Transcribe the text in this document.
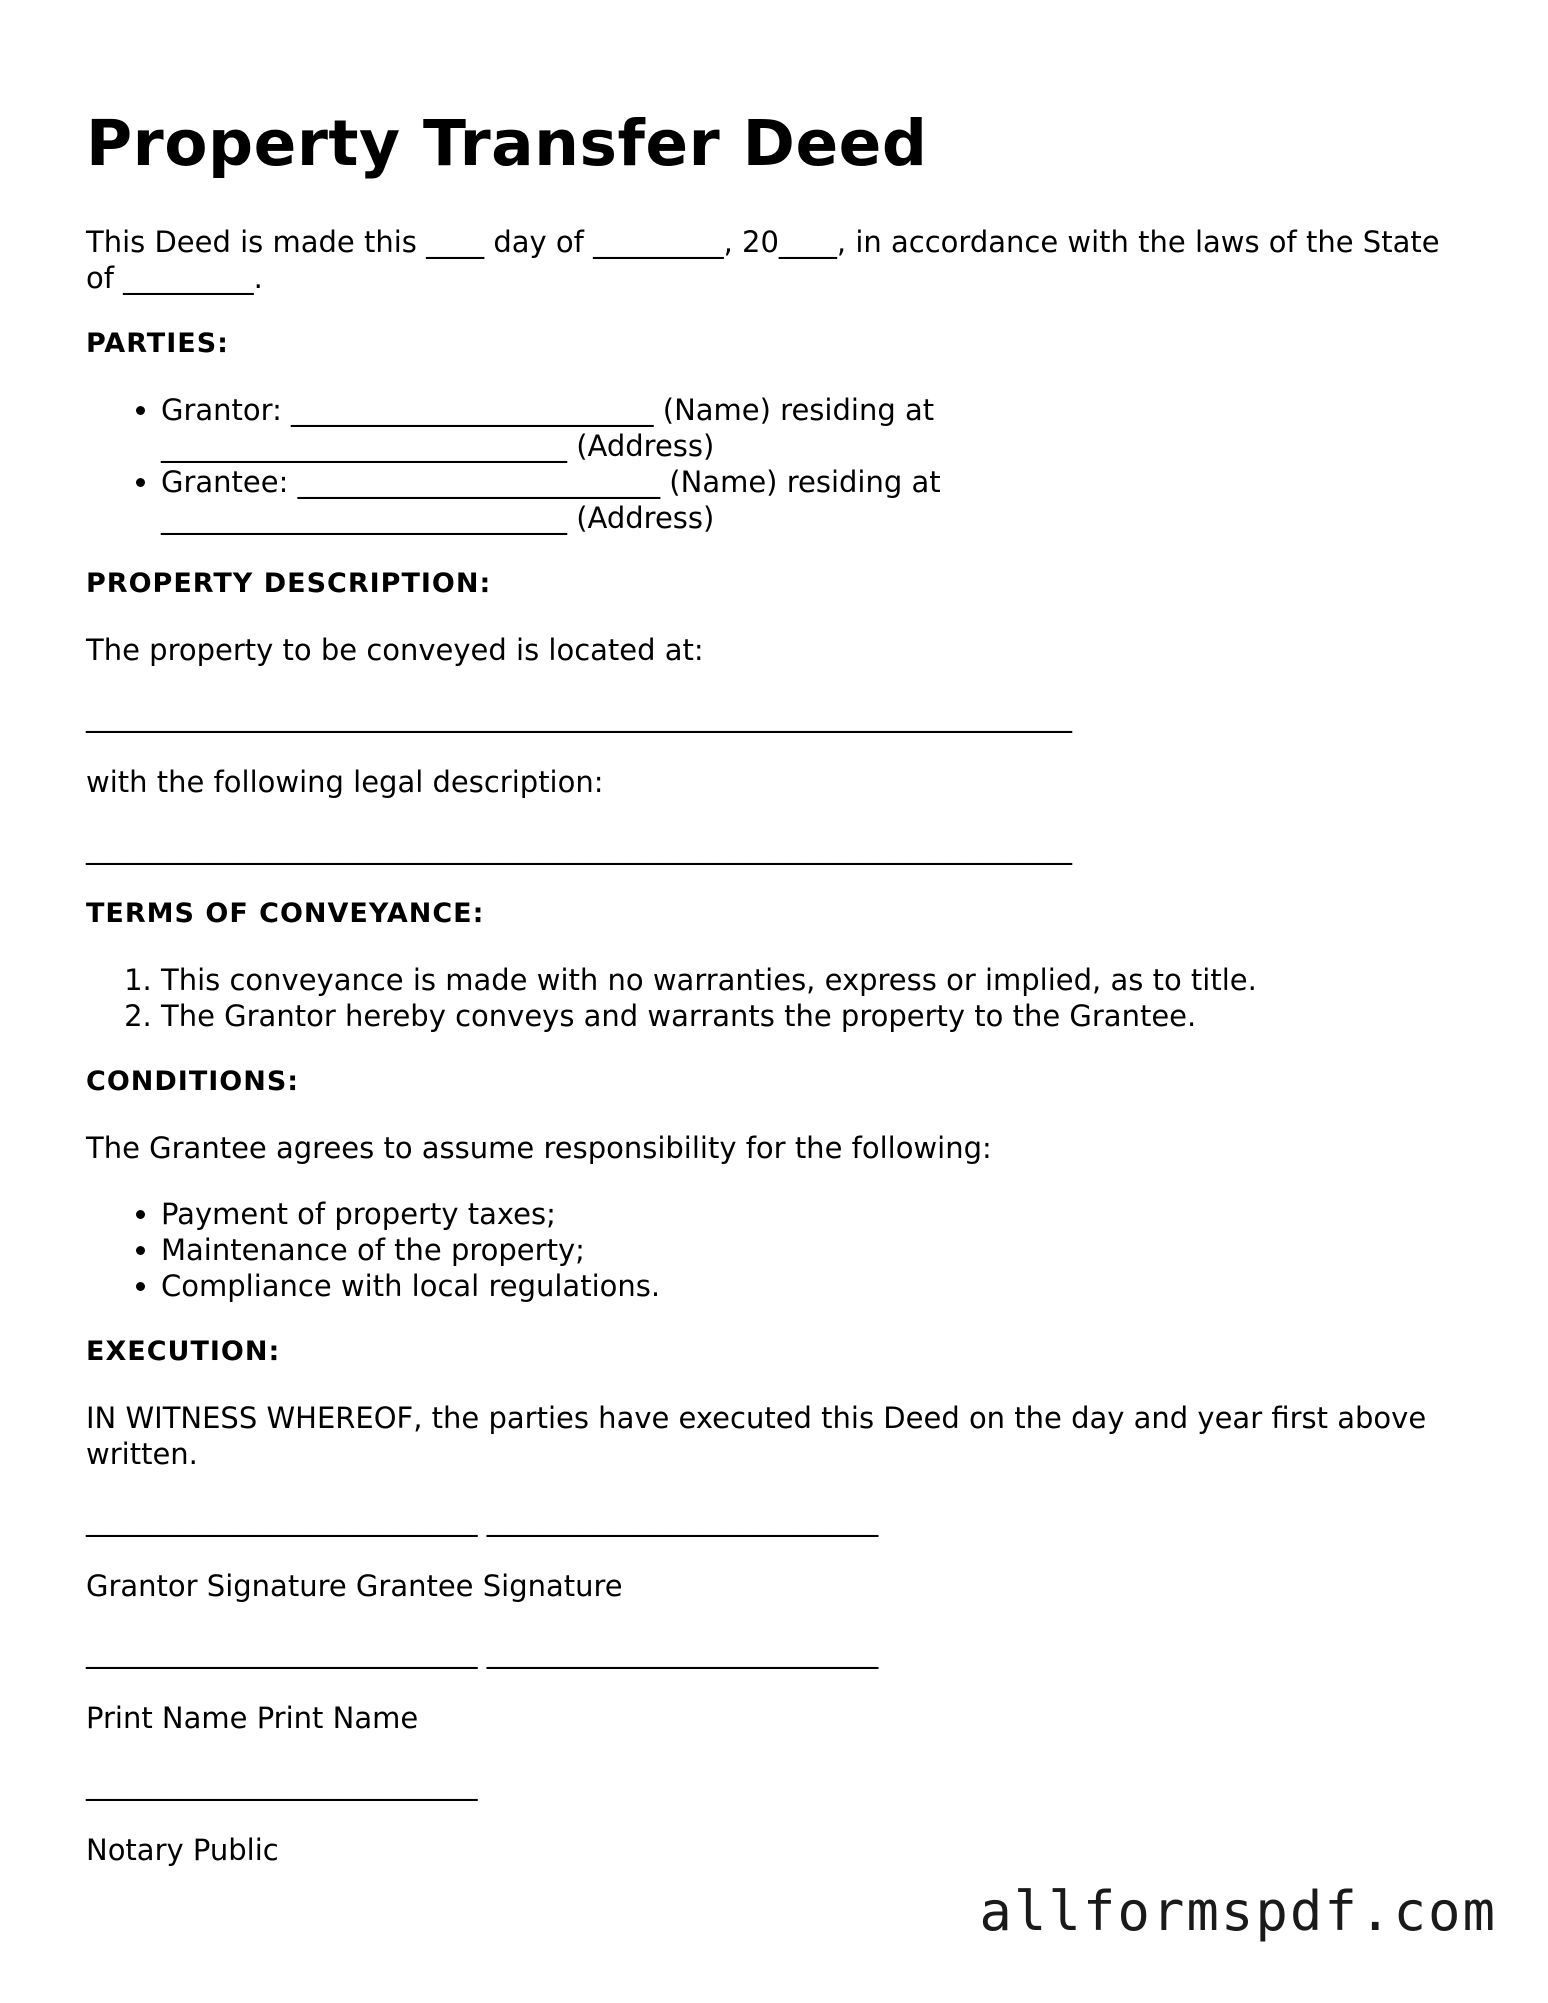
Property Transfer Deed

This Deed is made this ____ day of _________, 20____, in accordance with the laws of the State of _________.

PARTIES:
• Grantor: _________________________ (Name) residing at ____________________________ (Address)
• Grantee: _________________________ (Name) residing at ____________________________ (Address)
PROPERTY DESCRIPTION:

The property to be conveyed is located at:

____________________________________________________________________

with the following legal description:

____________________________________________________________________

TERMS OF CONVEYANCE:
1. This conveyance is made with no warranties, express or implied, as to title.
2. The Grantor hereby conveys and warrants the property to the Grantee.
CONDITIONS:

The Grantee agrees to assume responsibility for the following:

• Payment of property taxes;
• Maintenance of the property;
• Compliance with local regulations.
EXECUTION:

IN WITNESS WHEREOF, the parties have executed this Deed on the day and year first above written.

___________________________ ___________________________

Grantor Signature Grantee Signature

___________________________ ___________________________

Print Name Print Name

___________________________

Notary Public

allformspdf.com
